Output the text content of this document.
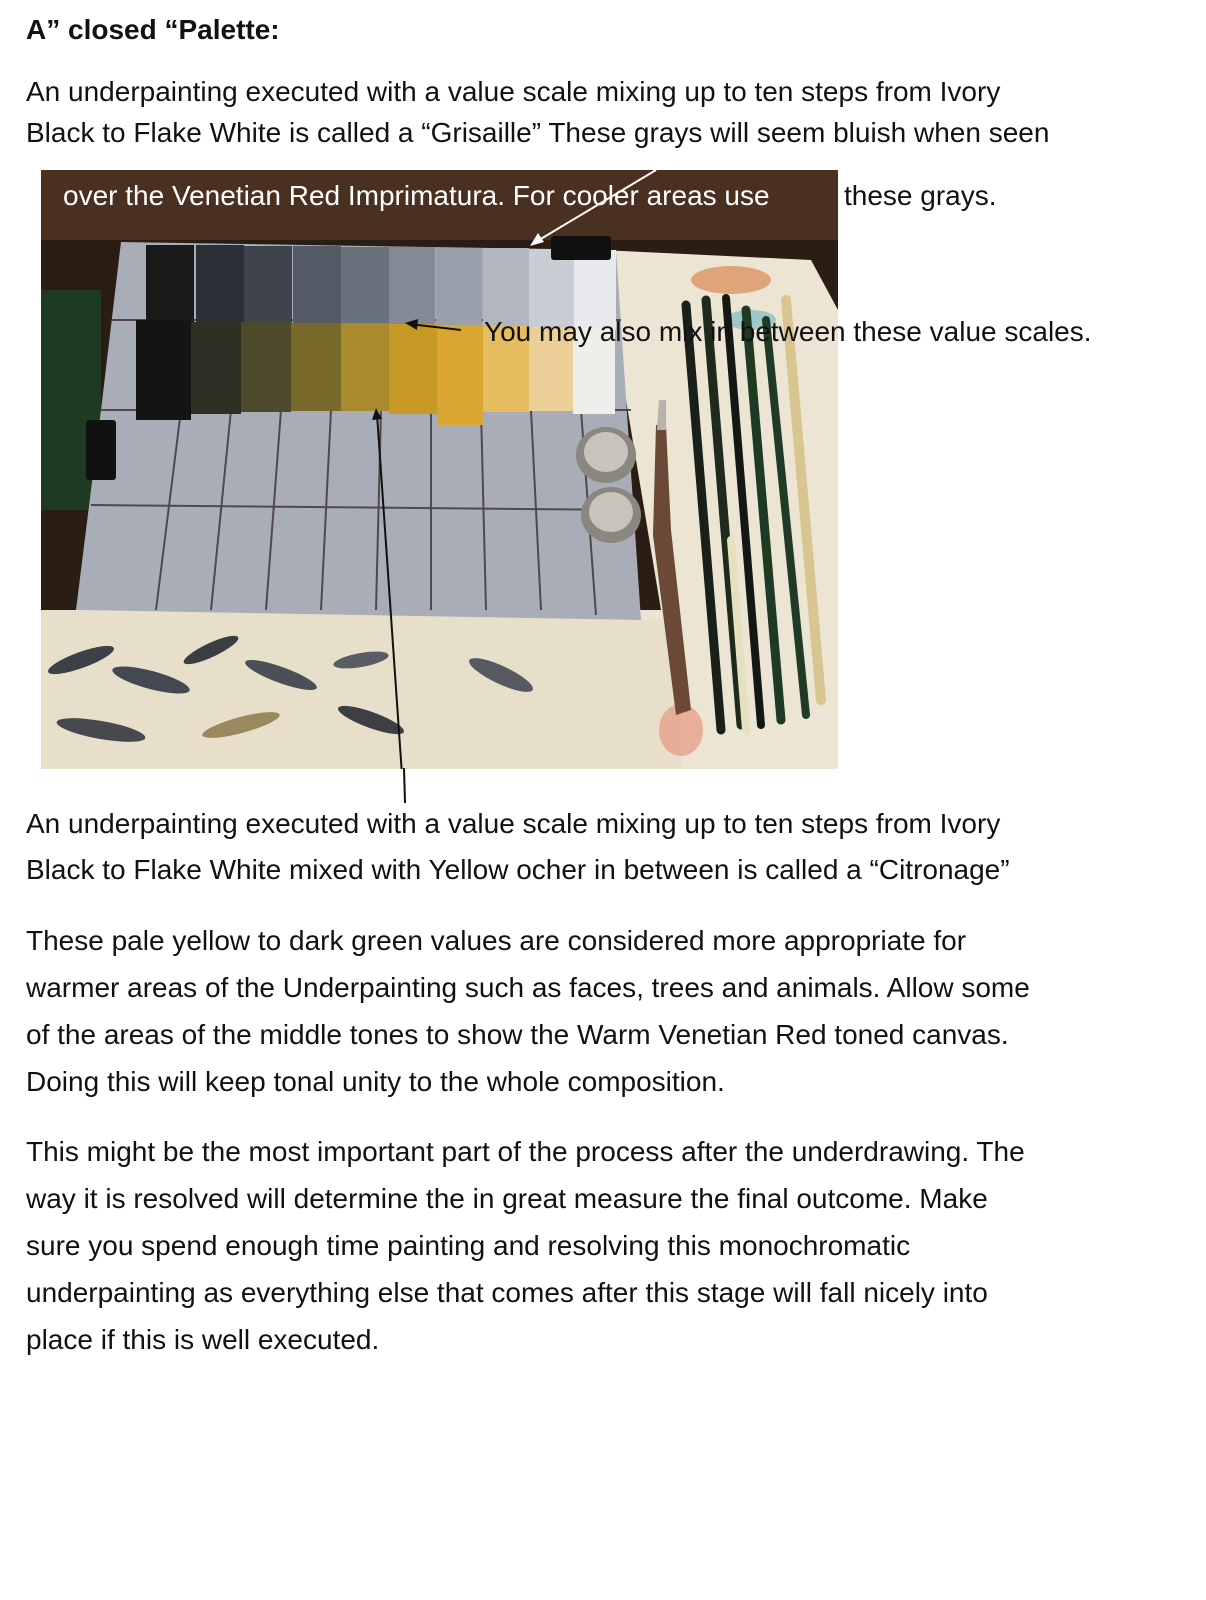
A” closed “Palette:
An underpainting executed with a value scale mixing up to ten steps from Ivory
Black to Flake White is called a “Grisaille” These grays will seem bluish when seen
over the Venetian Red Imprimatura. For cooler areas use	these grays.
You may also mix in between these value scales.
An underpainting executed with a value scale mixing up to ten steps from Ivory
Black to Flake White mixed with Yellow ocher in between is called a “Citronage”
These pale yellow to dark green values are considered more appropriate for
warmer areas of the Underpainting such as faces, trees and animals. Allow some
of the areas of the middle tones to show the Warm Venetian Red toned canvas.
Doing this will keep tonal unity to the whole composition.
This might be the most important part of the process after the underdrawing. The
way it is resolved will determine the in great measure the final outcome. Make
sure you spend enough time painting and resolving this monochromatic
underpainting as everything else that comes after this stage will fall nicely into
place if this is well executed.
